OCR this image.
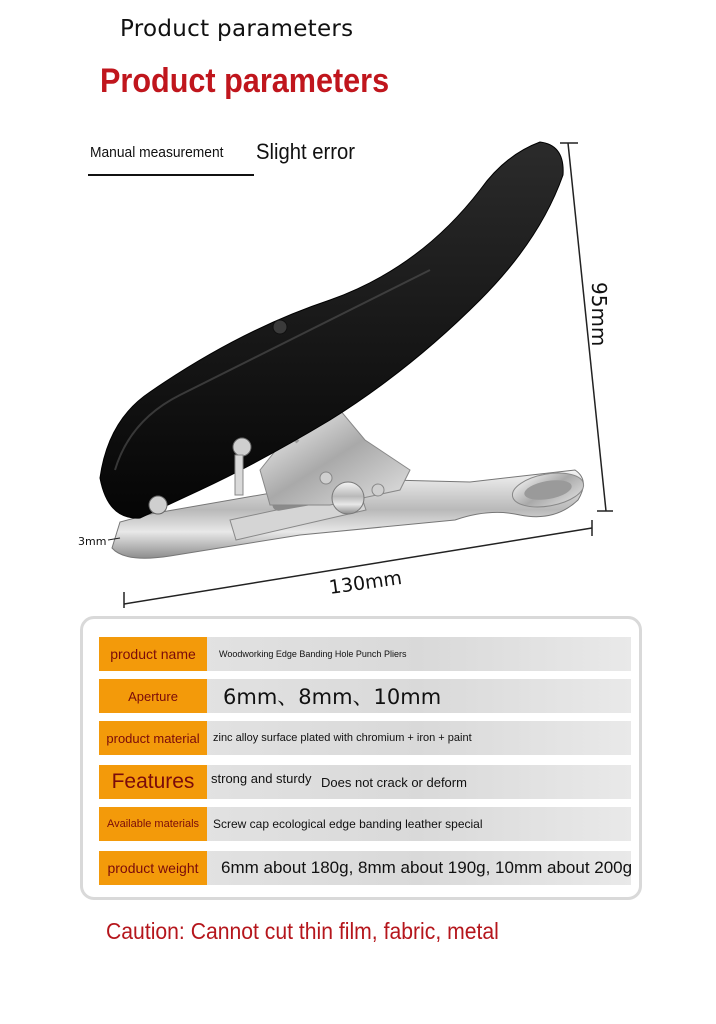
Product parameters
Product parameters
Manual measurement Slight error
95mm
130mm
3mm
product name	Woodworking Edge Banding Hole Punch Pliers
Aperture	6mm、8mm、10mm
product material	zinc alloy surface plated with chromium + iron + paint
Features	strong and sturdy Does not crack or deform
Available materials	Screw cap ecological edge banding leather special
product weight	6mm about 180g, 8mm about 190g, 10mm about 200g
Caution: Cannot cut thin film, fabric, metal
